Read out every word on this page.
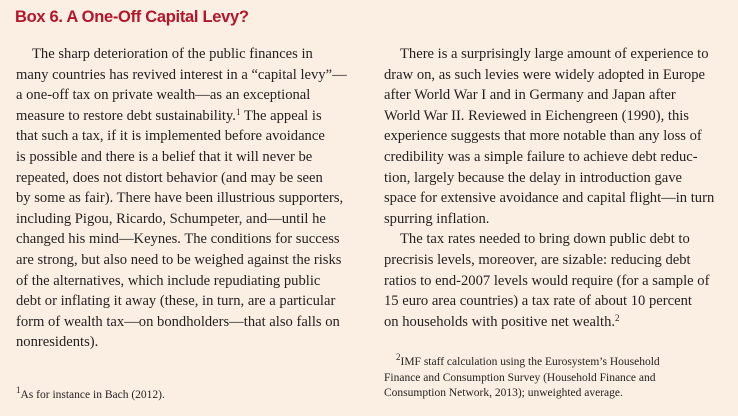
Box 6. A One-Off Capital Levy?

The sharp deterioration of the public finances in
many countries has revived interest in a “capital levy”—
a one-off tax on private wealth—as an exceptional
measure to restore debt sustainability.$^1$ The appeal is
that such a tax, if it is implemented before avoidance
is possible and there is a belief that it will never be
repeated, does not distort behavior (and may be seen
by some as fair). There have been illustrious supporters,
including Pigou, Ricardo, Schumpeter, and—until he
changed his mind—Keynes. The conditions for success
are strong, but also need to be weighed against the risks
of the alternatives, which include repudiating public
debt or inflating it away (these, in turn, are a particular
form of wealth tax—on bondholders—that also falls on
nonresidents).

There is a surprisingly large amount of experience to
draw on, as such levies were widely adopted in Europe
after World War I and in Germany and Japan after
World War II. Reviewed in Eichengreen (1990), this
experience suggests that more notable than any loss of
credibility was a simple failure to achieve debt reduc-
tion, largely because the delay in introduction gave
space for extensive avoidance and capital flight—in turn
spurring inflation.

The tax rates needed to bring down public debt to
precrisis levels, moreover, are sizable: reducing debt
ratios to end-2007 levels would require (for a sample of
15 euro area countries) a tax rate of about 10 percent
on households with positive net wealth.$^2$

$^1$As for instance in Bach (2012).
$^2$IMF staff calculation using the Eurosystem’s Household
Finance and Consumption Survey (Household Finance and
Consumption Network, 2013); unweighted average.
